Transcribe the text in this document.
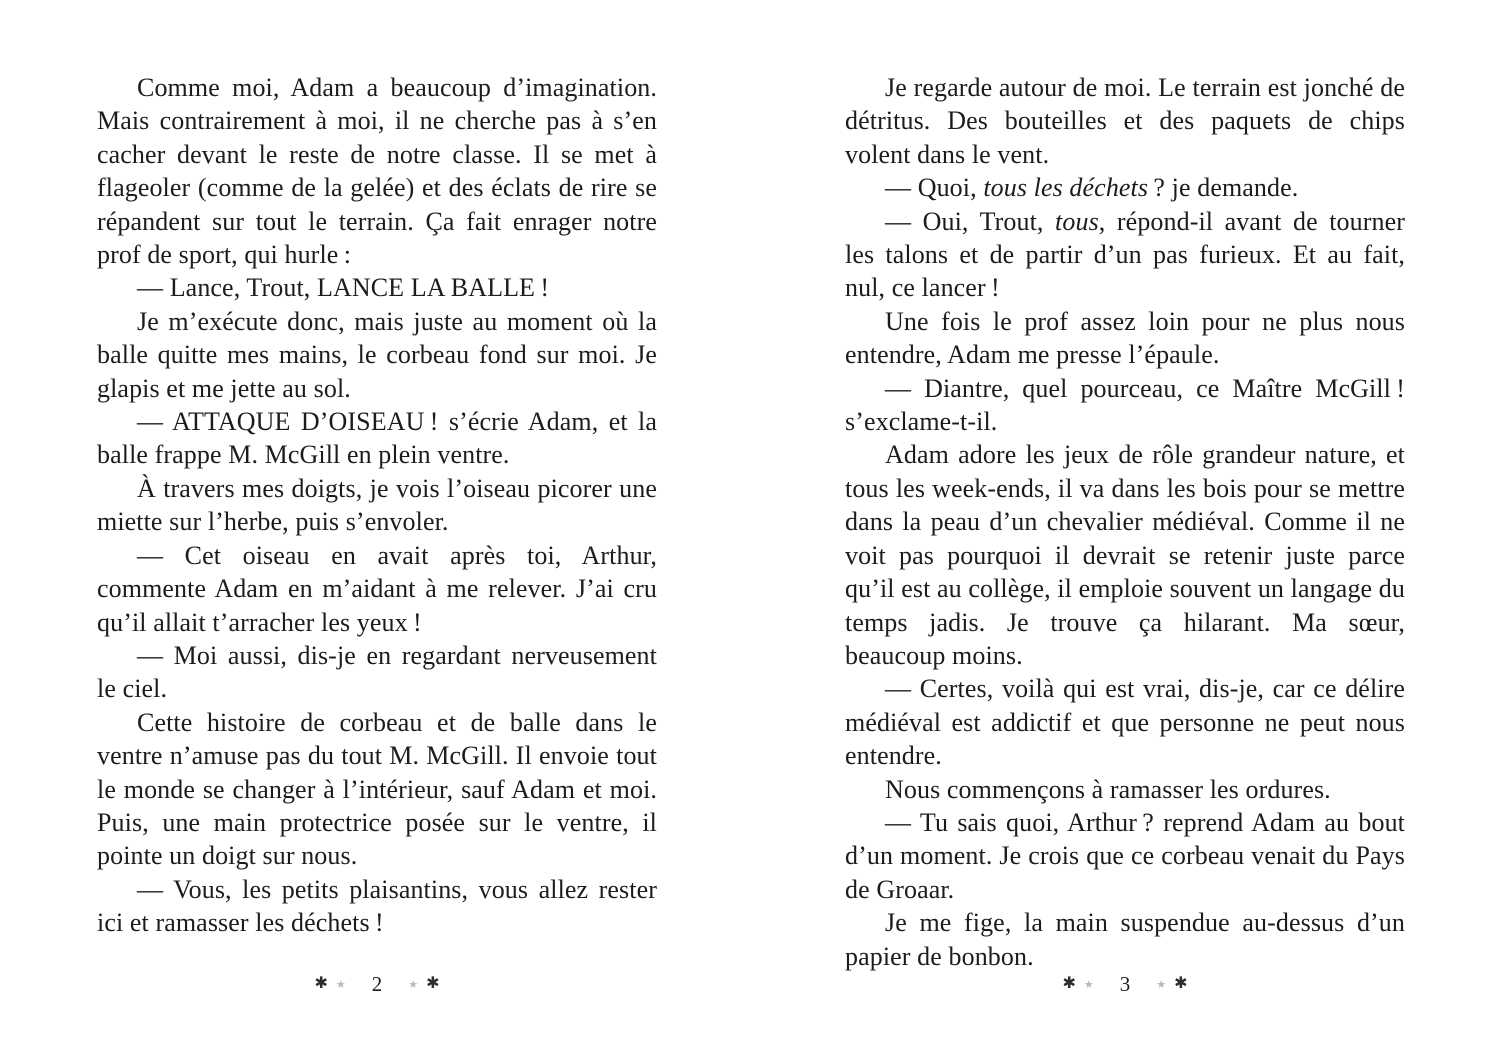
Comme moi, Adam a beaucoup d’imagination. Mais contrairement à moi, il ne cherche pas à s’en cacher devant le reste de notre classe. Il se met à flageoler (comme de la gelée) et des éclats de rire se répandent sur tout le terrain. Ça fait enrager notre prof de sport, qui hurle :

— Lance, Trout, LANCE LA BALLE !

Je m’exécute donc, mais juste au moment où la balle quitte mes mains, le corbeau fond sur moi. Je glapis et me jette au sol.

— ATTAQUE D’OISEAU ! s’écrie Adam, et la balle frappe M. McGill en plein ventre.

À travers mes doigts, je vois l’oiseau picorer une miette sur l’herbe, puis s’envoler.

— Cet oiseau en avait après toi, Arthur, commente Adam en m’aidant à me relever. J’ai cru qu’il allait t’arracher les yeux !

— Moi aussi, dis-je en regardant nerveusement le ciel.

Cette histoire de corbeau et de balle dans le ventre n’amuse pas du tout M. McGill. Il envoie tout le monde se changer à l’intérieur, sauf Adam et moi. Puis, une main protectrice posée sur le ventre, il pointe un doigt sur nous.

— Vous, les petits plaisantins, vous allez rester ici et ramasser les déchets !

✱ ★ 2 ★ ✱

Je regarde autour de moi. Le terrain est jonché de détritus. Des bouteilles et des paquets de chips volent dans le vent.

— Quoi, tous les déchets ? je demande.

— Oui, Trout, tous, répond-il avant de tourner les talons et de partir d’un pas furieux. Et au fait, nul, ce lancer !

Une fois le prof assez loin pour ne plus nous entendre, Adam me presse l’épaule.

— Diantre, quel pourceau, ce Maître McGill ! s’exclame-t-il.

Adam adore les jeux de rôle grandeur nature, et tous les week-ends, il va dans les bois pour se mettre dans la peau d’un chevalier médiéval. Comme il ne voit pas pourquoi il devrait se retenir juste parce qu’il est au collège, il emploie souvent un langage du temps jadis. Je trouve ça hilarant. Ma sœur, beaucoup moins.

— Certes, voilà qui est vrai, dis-je, car ce délire médiéval est addictif et que personne ne peut nous entendre.

Nous commençons à ramasser les ordures.

— Tu sais quoi, Arthur ? reprend Adam au bout d’un moment. Je crois que ce corbeau venait du Pays de Groaar.

Je me fige, la main suspendue au-dessus d’un papier de bonbon.

✱ ★ 3 ★ ✱
